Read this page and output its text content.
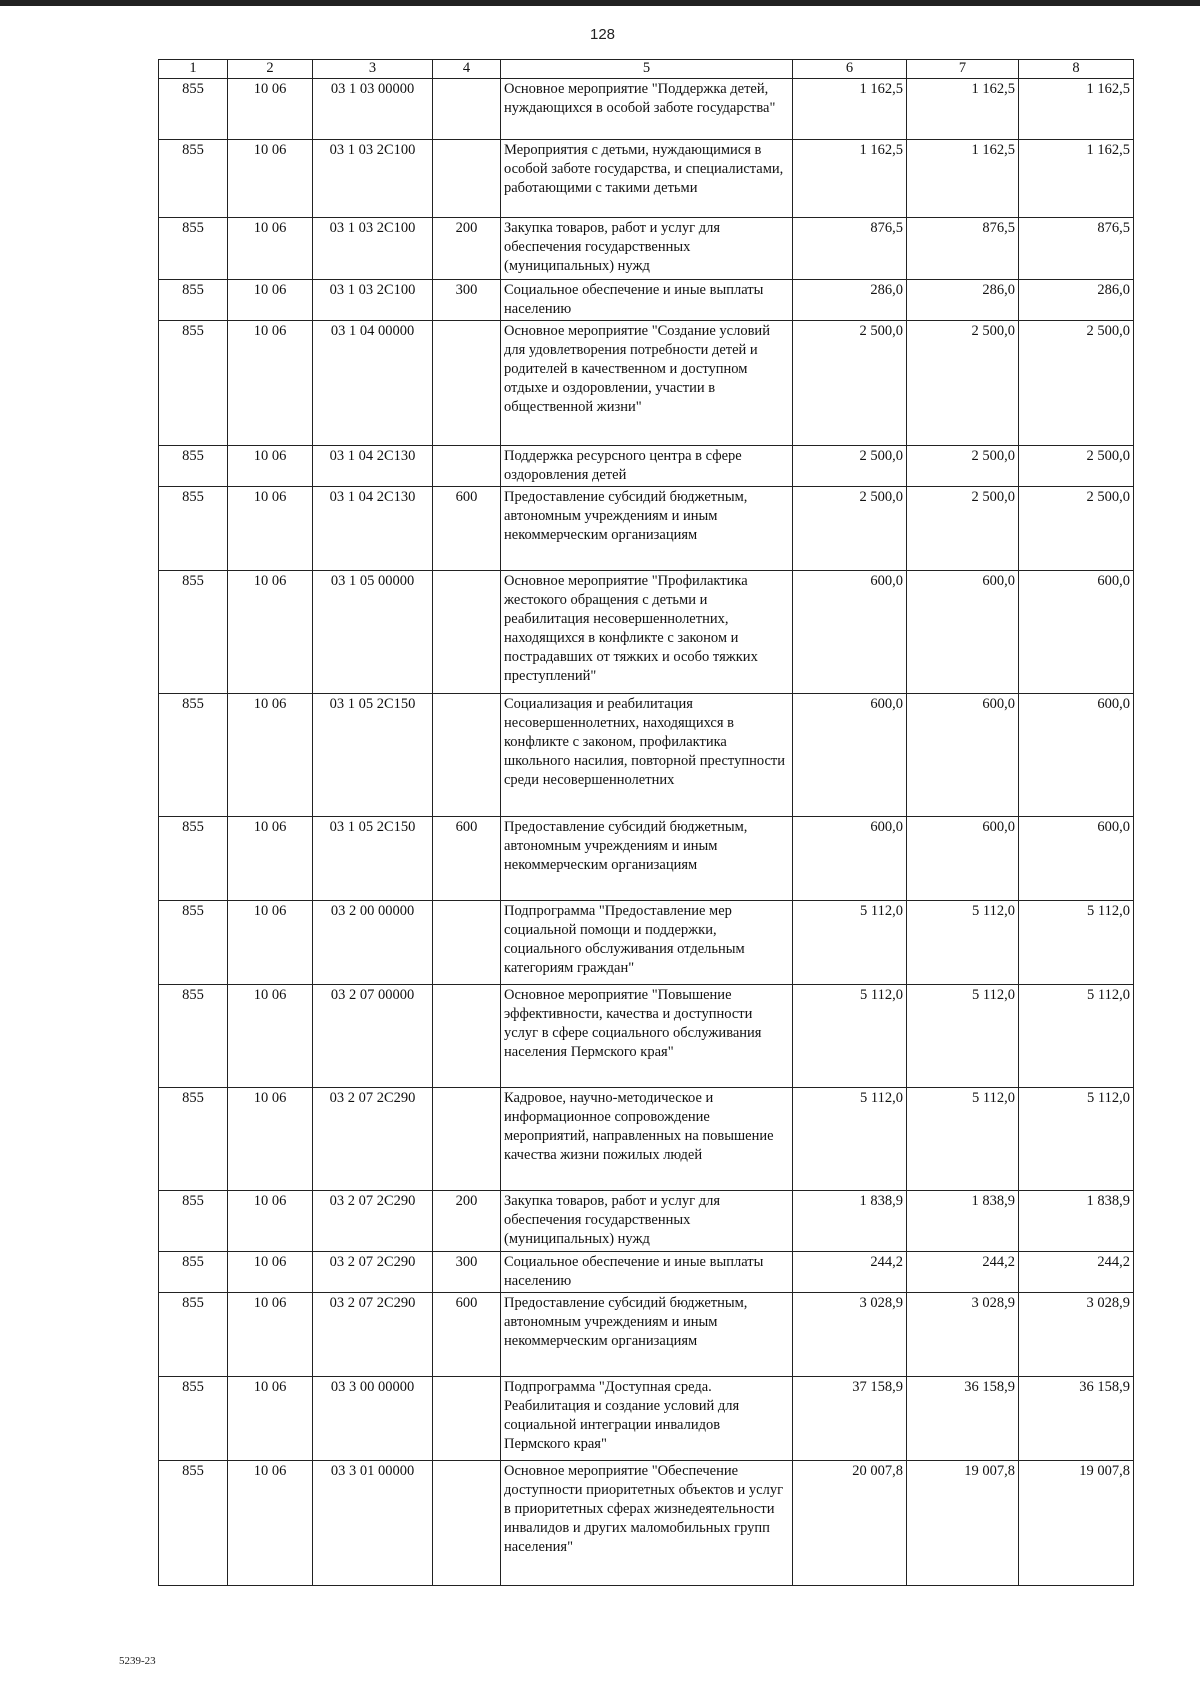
128
1	2	3	4	5	6	7	8
855	10 06	03 1 03 00000		Основное мероприятие "Поддержка детей, нуждающихся в особой заботе государства"	1 162,5	1 162,5	1 162,5
855	10 06	03 1 03 2С100		Мероприятия с детьми, нуждающимися в особой заботе государства, и специалистами, работающими с такими детьми	1 162,5	1 162,5	1 162,5
855	10 06	03 1 03 2С100	200	Закупка товаров, работ и услуг для обеспечения государственных (муниципальных) нужд	876,5	876,5	876,5
855	10 06	03 1 03 2С100	300	Социальное обеспечение и иные выплаты населению	286,0	286,0	286,0
855	10 06	03 1 04 00000		Основное мероприятие "Создание условий для удовлетворения потребности детей и родителей в качественном и доступном отдыхе и оздоровлении, участии в общественной жизни"	2 500,0	2 500,0	2 500,0
855	10 06	03 1 04 2С130		Поддержка ресурсного центра в сфере оздоровления детей	2 500,0	2 500,0	2 500,0
855	10 06	03 1 04 2С130	600	Предоставление субсидий бюджетным, автономным учреждениям и иным некоммерческим организациям	2 500,0	2 500,0	2 500,0
855	10 06	03 1 05 00000		Основное мероприятие "Профилактика жестокого обращения с детьми и реабилитация несовершеннолетних, находящихся в конфликте с законом и пострадавших от тяжких и особо тяжких преступлений"	600,0	600,0	600,0
855	10 06	03 1 05 2С150		Социализация и реабилитация несовершеннолетних, находящихся в конфликте с законом, профилактика школьного насилия, повторной преступности среди несовершеннолетних	600,0	600,0	600,0
855	10 06	03 1 05 2С150	600	Предоставление субсидий бюджетным, автономным учреждениям и иным некоммерческим организациям	600,0	600,0	600,0
855	10 06	03 2 00 00000		Подпрограмма "Предоставление мер социальной помощи и поддержки, социального обслуживания отдельным категориям граждан"	5 112,0	5 112,0	5 112,0
855	10 06	03 2 07 00000		Основное мероприятие "Повышение эффективности, качества и доступности услуг в сфере социального обслуживания населения Пермского края"	5 112,0	5 112,0	5 112,0
855	10 06	03 2 07 2С290		Кадровое, научно-методическое и информационное сопровождение мероприятий, направленных на повышение качества жизни пожилых людей	5 112,0	5 112,0	5 112,0
855	10 06	03 2 07 2С290	200	Закупка товаров, работ и услуг для обеспечения государственных (муниципальных) нужд	1 838,9	1 838,9	1 838,9
855	10 06	03 2 07 2С290	300	Социальное обеспечение и иные выплаты населению	244,2	244,2	244,2
855	10 06	03 2 07 2С290	600	Предоставление субсидий бюджетным, автономным учреждениям и иным некоммерческим организациям	3 028,9	3 028,9	3 028,9
855	10 06	03 3 00 00000		Подпрограмма "Доступная среда. Реабилитация и создание условий для социальной интеграции инвалидов Пермского края"	37 158,9	36 158,9	36 158,9
855	10 06	03 3 01 00000		Основное мероприятие "Обеспечение доступности приоритетных объектов и услуг в приоритетных сферах жизнедеятельности инвалидов и других маломобильных групп населения"	20 007,8	19 007,8	19 007,8
5239-23
